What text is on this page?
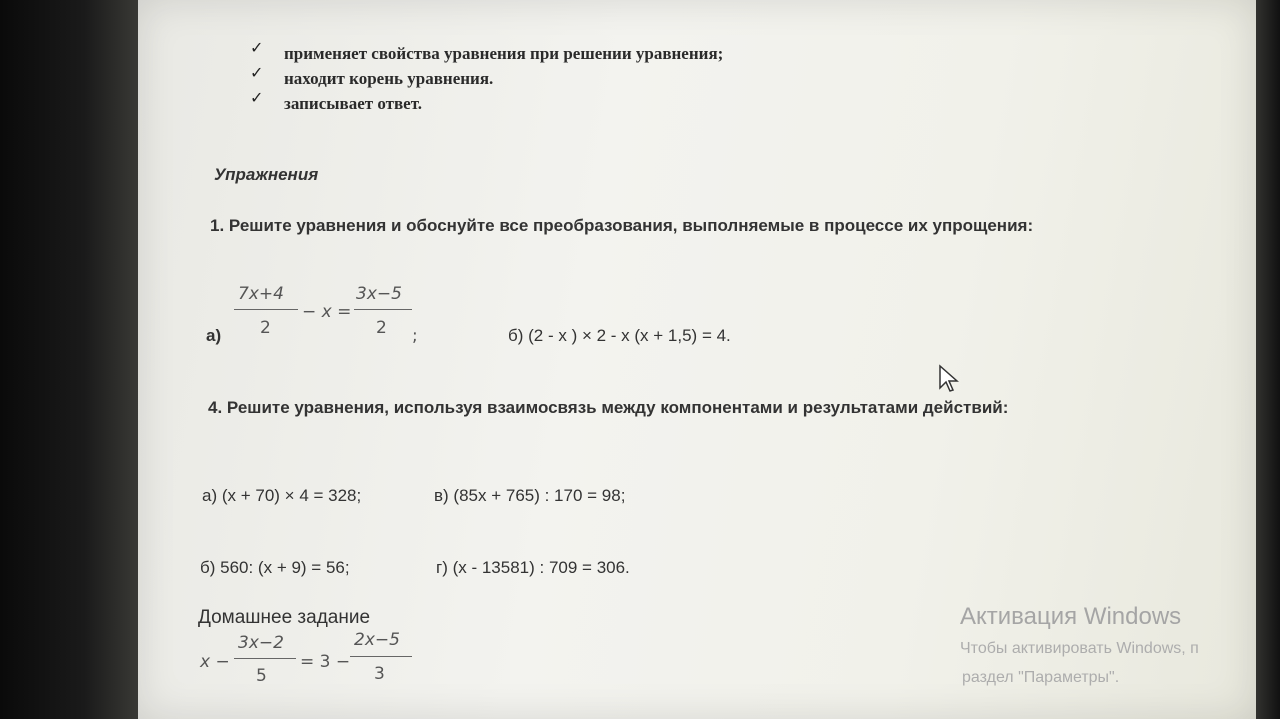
✓ применяет свойства уравнения при решении уравнения;
✓ находит корень уравнения.
✓ записывает ответ.
Упражнения
1. Решите уравнения и обоснуйте все преобразования, выполняемые в процессе их упрощения:
а)
7x+4
2
− x =
3x−5
2 ;	б) (2 - x ) × 2 - x (x + 1,5) = 4.
4. Решите уравнения, используя взаимосвязь между компонентами и результатами действий:
а) (x + 70) × 4 = 328;	в) (85x + 765) : 170 = 98;
б) 560: (x + 9) = 56;	г) (x - 13581) : 709 = 306.
Домашнее задание
x −
3x−2
5
= 3 −
2x−5
3
Активация Windows
Чтобы активировать Windows, п
раздел "Параметры".
